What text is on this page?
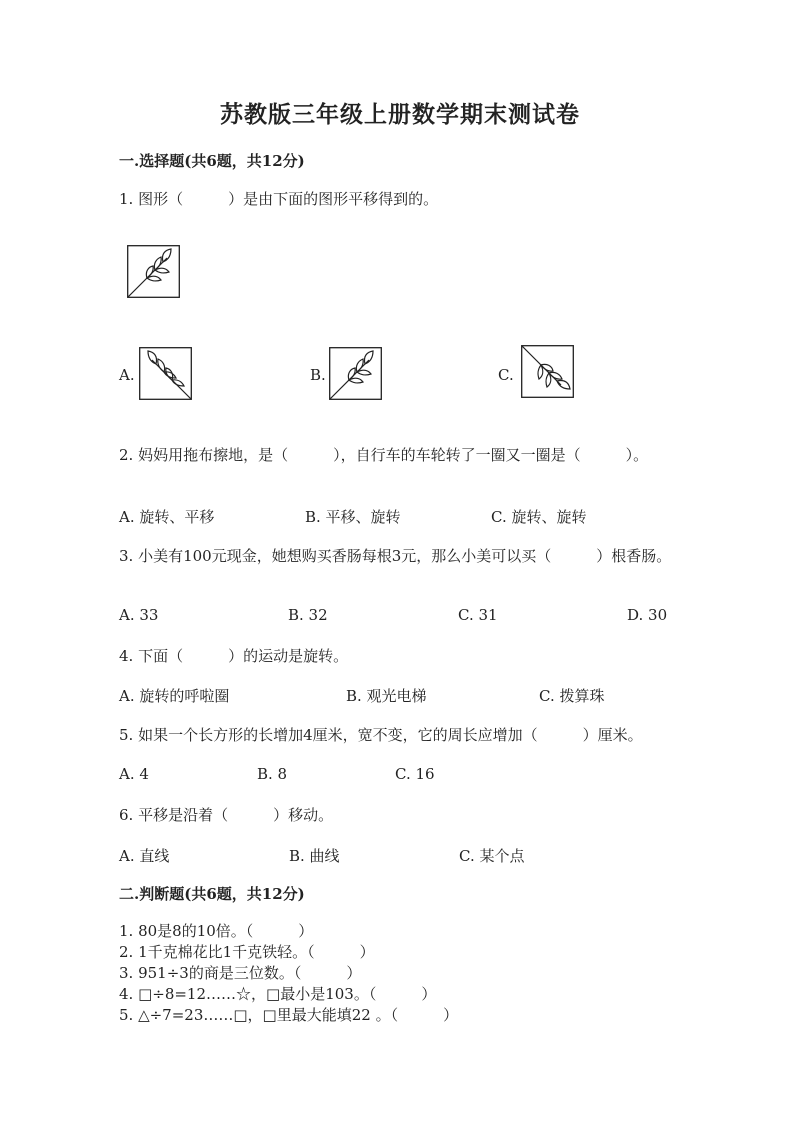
苏教版三年级上册数学期末测试卷
一.选择题(共6题，共12分)
1. 图形（　　　）是由下面的图形平移得到的。
A.	B.	C.
2. 妈妈用拖布擦地，是（　　　），自行车的车轮转了一圈又一圈是（　　　）。
A. 旋转、平移	B. 平移、旋转	C. 旋转、旋转
3. 小美有100元现金，她想购买香肠每根3元，那么小美可以买（　　　）根香肠。
A. 33	B. 32	C. 31	D. 30
4. 下面（　　　）的运动是旋转。
A. 旋转的呼啦圈	B. 观光电梯	C. 拨算珠
5. 如果一个长方形的长增加4厘米，宽不变，它的周长应增加（　　　）厘米。
A. 4	B. 8	C. 16
6. 平移是沿着（　　　）移动。
A. 直线	B. 曲线	C. 某个点
二.判断题(共6题，共12分)
1. 80是8的10倍。（　　　）
2. 1千克棉花比1千克铁轻。（　　　）
3. 951÷3的商是三位数。（　　　）
4. □÷8=12……☆，□最小是103。（　　　）
5. △÷7=23……□，□里最大能填22 。（　　　）
